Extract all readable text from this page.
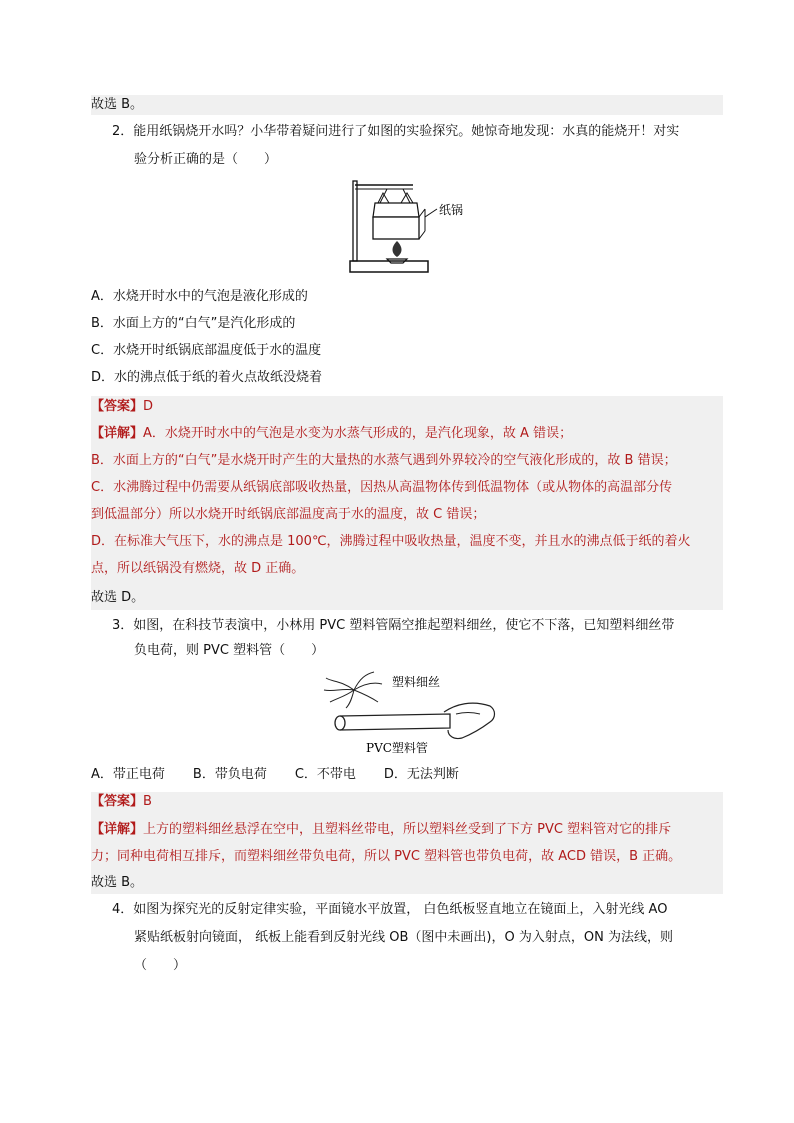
故选 B。
2．能用纸锅烧开水吗？小华带着疑问进行了如图的实验探究。她惊奇地发现：水真的能烧开！对实
验分析正确的是（　　）
纸锅
A．水烧开时水中的气泡是液化形成的
B．水面上方的“白气”是汽化形成的
C．水烧开时纸锅底部温度低于水的温度
D．水的沸点低于纸的着火点故纸没烧着
【答案】D
【详解】A．水烧开时水中的气泡是水变为水蒸气形成的，是汽化现象，故 A 错误；
B．水面上方的“白气”是水烧开时产生的大量热的水蒸气遇到外界较冷的空气液化形成的，故 B 错误；
C．水沸腾过程中仍需要从纸锅底部吸收热量，因热从高温物体传到低温物体（或从物体的高温部分传
到低温部分）所以水烧开时纸锅底部温度高于水的温度，故 C 错误；
D．在标准大气压下，水的沸点是 100℃，沸腾过程中吸收热量，温度不变，并且水的沸点低于纸的着火
点，所以纸锅没有燃烧，故 D 正确。
故选 D。
3．如图，在科技节表演中，小林用 PVC 塑料管隔空推起塑料细丝，使它不下落，已知塑料细丝带
负电荷，则 PVC 塑料管（　　）
塑料细丝
PVC塑料管
A．带正电荷 B．带负电荷 C．不带电 D．无法判断
【答案】B
【详解】上方的塑料细丝悬浮在空中，且塑料丝带电，所以塑料丝受到了下方 PVC 塑料管对它的排斥
力；同种电荷相互排斥，而塑料细丝带负电荷，所以 PVC 塑料管也带负电荷，故 ACD 错误，B 正确。
故选 B。
4．如图为探究光的反射定律实验，平面镜水平放置， 白色纸板竖直地立在镜面上，入射光线 AO
紧贴纸板射向镜面， 纸板上能看到反射光线 OB（图中未画出)，O 为入射点，ON 为法线，则
（　　）
